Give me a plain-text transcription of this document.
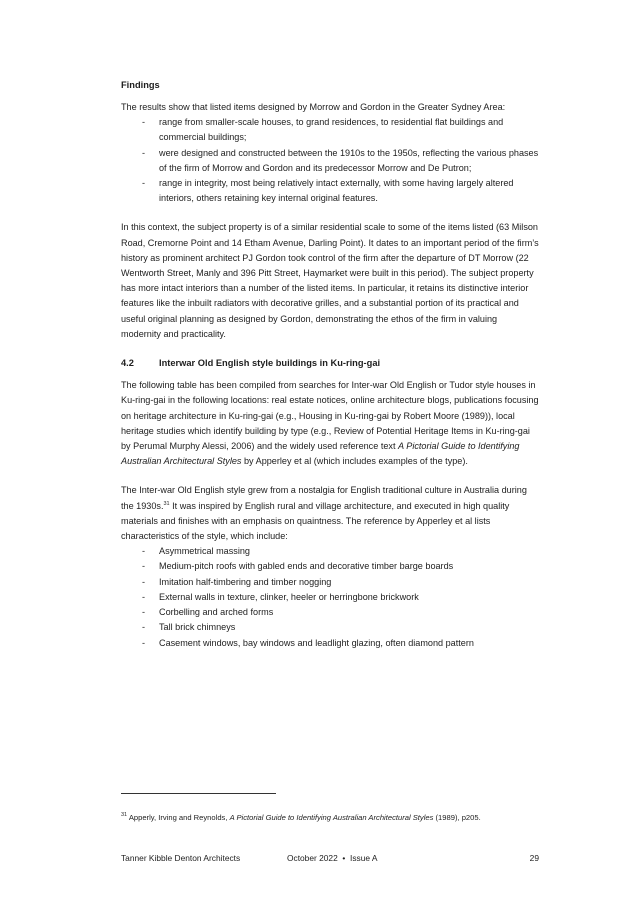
Findings

The results show that listed items designed by Morrow and Gordon in the Greater Sydney Area:

- range from smaller-scale houses, to grand residences, to residential flat buildings and commercial buildings;
- were designed and constructed between the 1910s to the 1950s, reflecting the various phases of the firm of Morrow and Gordon and its predecessor Morrow and De Putron;
- range in integrity, most being relatively intact externally, with some having largely altered interiors, others retaining key internal original features.

In this context, the subject property is of a similar residential scale to some of the items listed (63 Milson Road, Cremorne Point and 14 Etham Avenue, Darling Point). It dates to an important period of the firm’s history as prominent architect PJ Gordon took control of the firm after the departure of DT Morrow (22 Wentworth Street, Manly and 396 Pitt Street, Haymarket were built in this period). The subject property has more intact interiors than a number of the listed items. In particular, it retains its distinctive interior features like the inbuilt radiators with decorative grilles, and a substantial portion of its practical and useful original planning as designed by Gordon, demonstrating the ethos of the firm in valuing modernity and practicality.

4.2	Interwar Old English style buildings in Ku-ring-gai

The following table has been compiled from searches for Inter-war Old English or Tudor style houses in Ku-ring-gai in the following locations: real estate notices, online architecture blogs, publications focusing on heritage architecture in Ku-ring-gai (e.g., Housing in Ku-ring-gai by Robert Moore (1989)), local heritage studies which identify building by type (e.g., Review of Potential Heritage Items in Ku-ring-gai by Perumal Murphy Alessi, 2006) and the widely used reference text A Pictorial Guide to Identifying Australian Architectural Styles by Apperley et al (which includes examples of the type).

The Inter-war Old English style grew from a nostalgia for English traditional culture in Australia during the 1930s.$^{31}$ It was inspired by English rural and village architecture, and executed in high quality materials and finishes with an emphasis on quaintness. The reference by Apperley et al lists characteristics of the style, which include:

- Asymmetrical massing
- Medium-pitch roofs with gabled ends and decorative timber barge boards
- Imitation half-timbering and timber nogging
- External walls in texture, clinker, heeler or herringbone brickwork
- Corbelling and arched forms
- Tall brick chimneys
- Casement windows, bay windows and leadlight glazing, often diamond pattern
$^{31}$ Apperly, Irving and Reynolds, A Pictorial Guide to Identifying Australian Architectural Styles (1989), p205.
Tanner Kibble Denton Architects	October 2022 • Issue A	29
